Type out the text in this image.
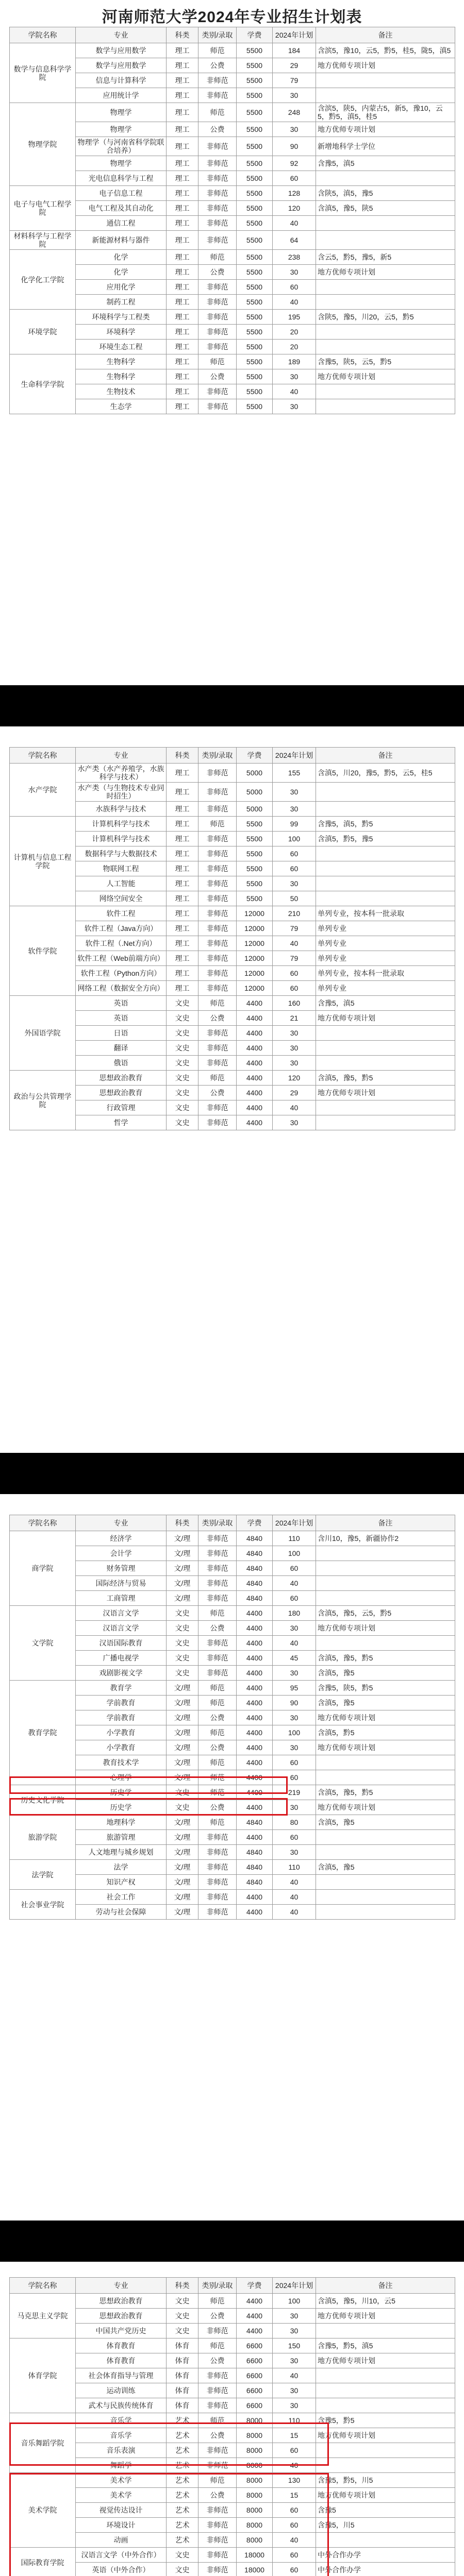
河南师范大学2024年专业招生计划表
学院名称	专业	科类	类别/录取	学费	2024年计划	备注
数学与信息科学学院	数学与应用数学	理工	师范	5500	184	含滨5，豫10，云5，黔5，桂5，陇5，滇5
	数学与应用数学	理工	公费	5500	29	地方优师专项计划
	信息与计算科学	理工	非师范	5500	79	
	应用统计学	理工	非师范	5500	30	
物理学院	物理学	理工	师范	5500	248	含滨5，陕5，内蒙古5，新5，豫10，云5，黔5，滇5，桂5
	物理学	理工	公费	5500	30	地方优师专项计划
	物理学（与河南省科学院联合培养）	理工	非师范	5500	90	新增地科学士学位
	物理学	理工	非师范	5500	92	含豫5，滇5
	光电信息科学与工程	理工	非师范	5500	60	
电子与电气工程学院	电子信息工程	理工	非师范	5500	128	含陕5，滇5，豫5
	电气工程及其自动化	理工	非师范	5500	120	含滇5，豫5，陕5
	通信工程	理工	非师范	5500	40	
材料科学与工程学院	新能源材料与器件	理工	非师范	5500	64	
化学化工学院	化学	理工	师范	5500	238	含云5，黔5，豫5，新5
	化学	理工	公费	5500	30	地方优师专项计划
	应用化学	理工	非师范	5500	60	
	制药工程	理工	非师范	5500	40	
环境学院	环境科学与工程类	理工	非师范	5500	195	含陕5，豫5，川20，云5，黔5
	环境科学	理工	非师范	5500	20	
	环境生态工程	理工	非师范	5500	20	
生命科学学院	生物科学	理工	师范	5500	189	含豫5，陕5，云5，黔5
	生物科学	理工	公费	5500	30	地方优师专项计划
	生物技术	理工	非师范	5500	40	
	生态学	理工	非师范	5500	30	
学院名称	专业	科类	类别/录取	学费	2024年计划	备注
水产学院	水产类（水产养殖学，水族科学与技术）	理工	非师范	5000	155	含滇5，川20，豫5，黔5，云5，桂5
	水产类（与生物技术专业同时招生）	理工	非师范	5000	30	
	水族科学与技术	理工	非师范	5000	30	
计算机与信息工程学院	计算机科学与技术	理工	师范	5500	99	含豫5，滇5，黔5
	计算机科学与技术	理工	非师范	5500	100	含滇5，黔5，豫5
	数据科学与大数据技术	理工	非师范	5500	60	
	物联网工程	理工	非师范	5500	60	
	人工智能	理工	非师范	5500	30	
	网络空间安全	理工	非师范	5500	50	
软件学院	软件工程	理工	非师范	12000	210	单列专业，按本科一批录取
	软件工程（Java方向）	理工	非师范	12000	79	单列专业
	软件工程（.Net方向）	理工	非师范	12000	40	单列专业
	软件工程（Web前端方向）	理工	非师范	12000	79	单列专业
	软件工程（Python方向）	理工	非师范	12000	60	单列专业，按本科一批录取
	网络工程（数据安全方向）	理工	非师范	12000	60	单列专业
外国语学院	英语	文史	师范	4400	160	含豫5，滇5
	英语	文史	公费	4400	21	地方优师专项计划
	日语	文史	非师范	4400	30	
	翻译	文史	非师范	4400	30	
	俄语	文史	非师范	4400	30	
政治与公共管理学院	思想政治教育	文史	师范	4400	120	含滇5，豫5，黔5
	思想政治教育	文史	公费	4400	29	地方优师专项计划
	行政管理	文史	非师范	4400	40	
	哲学	文史	非师范	4400	30	
学院名称	专业	科类	类别/录取	学费	2024年计划	备注
商学院	经济学	文/理	非师范	4840	110	含川10，豫5，新疆协作2
	会计学	文/理	非师范	4840	100	
	财务管理	文/理	非师范	4840	60	
	国际经济与贸易	文/理	非师范	4840	40	
	工商管理	文/理	非师范	4840	60	
文学院	汉语言文学	文史	师范	4400	180	含滇5，豫5，云5，黔5
	汉语言文学	文史	公费	4400	30	地方优师专项计划
	汉语国际教育	文史	非师范	4400	40	
	广播电视学	文史	非师范	4400	45	含滇5，豫5，黔5
	戏剧影视文学	文史	非师范	4400	30	含滇5，豫5
教育学院	教育学	文/理	师范	4400	95	含豫5，陕5，黔5
	学前教育	文/理	师范	4400	90	含滇5，豫5
	学前教育	文/理	公费	4400	30	地方优师专项计划
	小学教育	文/理	师范	4400	100	含滇5，黔5
	小学教育	文/理	公费	4400	30	地方优师专项计划
	教育技术学	文/理	师范	4400	60	
	心理学	文/理	师范	4400	60	
历史文化学院	历史学	文史	师范	4400	219	含滇5，豫5，黔5
	历史学	文史	公费	4400	30	地方优师专项计划
旅游学院	地理科学	文/理	师范	4840	80	含滇5，豫5
	旅游管理	文/理	非师范	4400	60	
	人文地理与城乡规划	文/理	非师范	4840	30	
法学院	法学	文/理	非师范	4840	110	含滇5，豫5
	知识产权	文/理	非师范	4840	40	
社会事业学院	社会工作	文/理	非师范	4400	40	
	劳动与社会保障	文/理	非师范	4400	40	
学院名称	专业	科类	类别/录取	学费	2024年计划	备注
马克思主义学院	思想政治教育	文史	师范	4400	100	含滇5，豫5，川10，云5
	思想政治教育	文史	公费	4400	30	地方优师专项计划
	中国共产党历史	文史	非师范	4400	30	
体育学院	体育教育	体育	师范	6600	150	含豫5，黔5，滇5
	体育教育	体育	公费	6600	30	地方优师专项计划
	社会体育指导与管理	体育	非师范	6600	40	
	运动训练	体育	非师范	6600	30	
	武术与民族传统体育	体育	非师范	6600	30	
音乐舞蹈学院	音乐学	艺术	师范	8000	110	含豫5，黔5
	音乐学	艺术	公费	8000	15	地方优师专项计划
	音乐表演	艺术	非师范	8000	60	
	舞蹈学	艺术	非师范	8000	40	
美术学院	美术学	艺术	师范	8000	130	含豫5，黔5，川5
	美术学	艺术	公费	8000	15	地方优师专项计划
	视觉传达设计	艺术	非师范	8000	60	含豫5
	环境设计	艺术	非师范	8000	60	含豫5，川5
	动画	艺术	非师范	8000	40	
国际教育学院	汉语言文学（中外合作）	文史	非师范	18000	60	中外合作办学
	英语（中外合作）	文史	非师范	18000	60	中外合作办学
